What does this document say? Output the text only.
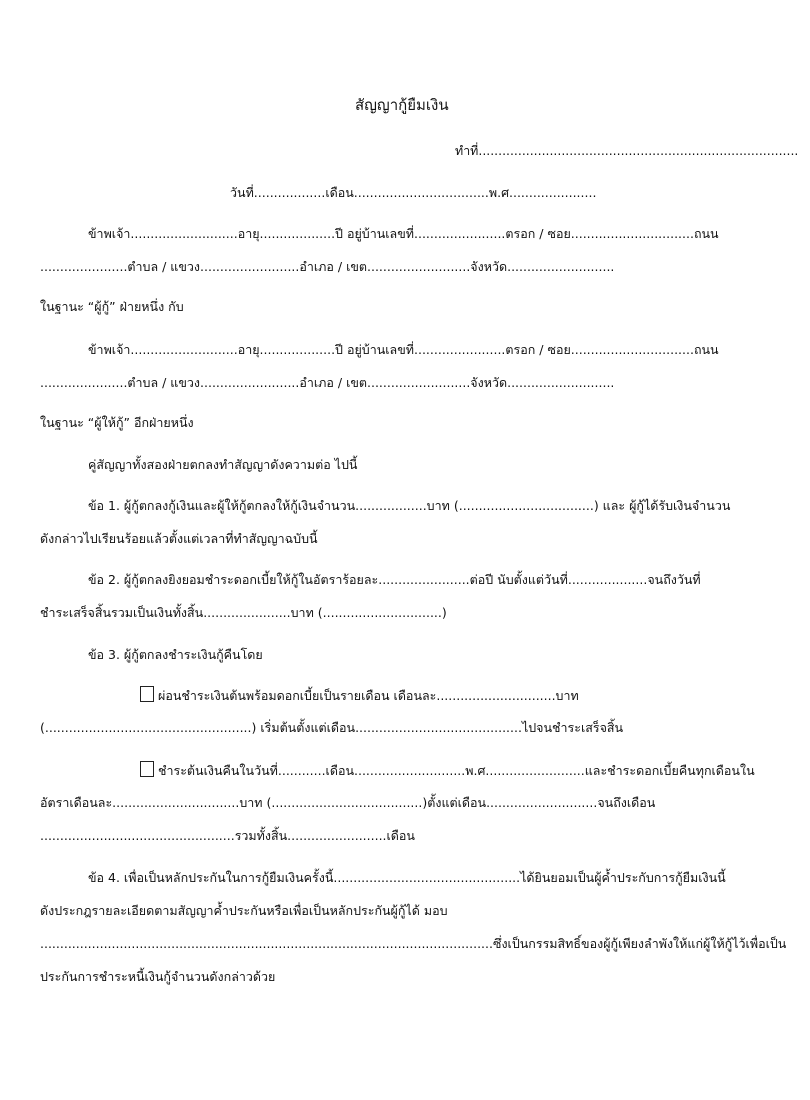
สัญญากู้ยืมเงิน
ทำที่.................................................................................
วันที่..................เดือน..................................พ.ศ......................
ข้าพเจ้า...........................อายุ...................ปี อยู่บ้านเลขที่.......................ตรอก / ซอย...............................ถนน
......................ตำบล / แขวง.........................อำเภอ / เขต..........................จังหวัด...........................
ในฐานะ “ผู้กู้” ฝ่ายหนึ่ง กับ
ข้าพเจ้า...........................อายุ...................ปี อยู่บ้านเลขที่.......................ตรอก / ซอย...............................ถนน
......................ตำบล / แขวง.........................อำเภอ / เขต..........................จังหวัด...........................
ในฐานะ “ผู้ให้กู้” อีกฝ่ายหนึ่ง
คู่สัญญาทั้งสองฝ่ายตกลงทำสัญญาดังความต่อ ไปนี้
ข้อ 1. ผู้กู้ตกลงกู้เงินและผู้ให้กู้ตกลงให้กู้เงินจำนวน..................บาท (..................................) และ ผู้กู้ได้รับเงินจำนวน
ดังกล่าวไปเรียนร้อยแล้วตั้งแต่เวลาที่ทำสัญญาฉบับนี้
ข้อ 2. ผู้กู้ตกลงยิงยอมชำระดอกเบี้ยให้กู้ในอัตราร้อยละ.......................ต่อปี นับตั้งแต่วันที่....................จนถึงวันที่
ชำระเสร็จสิ้นรวมเป็นเงินทั้งสิ้น......................บาท (..............................)
ข้อ 3. ผู้กู้ตกลงชำระเงินกู้คืนโดย
ผ่อนชำระเงินต้นพร้อมดอกเบี้ยเป็นรายเดือน เดือนละ..............................บาท
(....................................................) เริ่มต้นตั้งแต่เดือน..........................................ไปจนชำระเสร็จสิ้น
ชำระต้นเงินคืนในวันที่............เดือน............................พ.ศ.........................และชำระดอกเบี้ยคืนทุกเดือนใน
อัตราเดือนละ................................บาท (......................................)ตั้งแต่เดือน............................จนถึงเดือน
.................................................รวมทั้งสิ้น.........................เดือน
ข้อ 4. เพื่อเป็นหลักประกันในการกู้ยืมเงินครั้งนี้...............................................ได้ยินยอมเป็นผู้ค้ำประกับการกู้ยืมเงินนี้
ดังประกฎรายละเอียดตามสัญญาค้ำประกันหรือเพื่อเป็นหลักประกันผู้กู้ได้ มอบ
..................................................................................................................ซึ่งเป็นกรรมสิทธิ์ของผู้กู้เพียงลำพังให้แก่ผู้ให้กู้ไว้เพื่อเป็น
ประกันการชำระหนี้เงินกู้จำนวนดังกล่าวด้วย
